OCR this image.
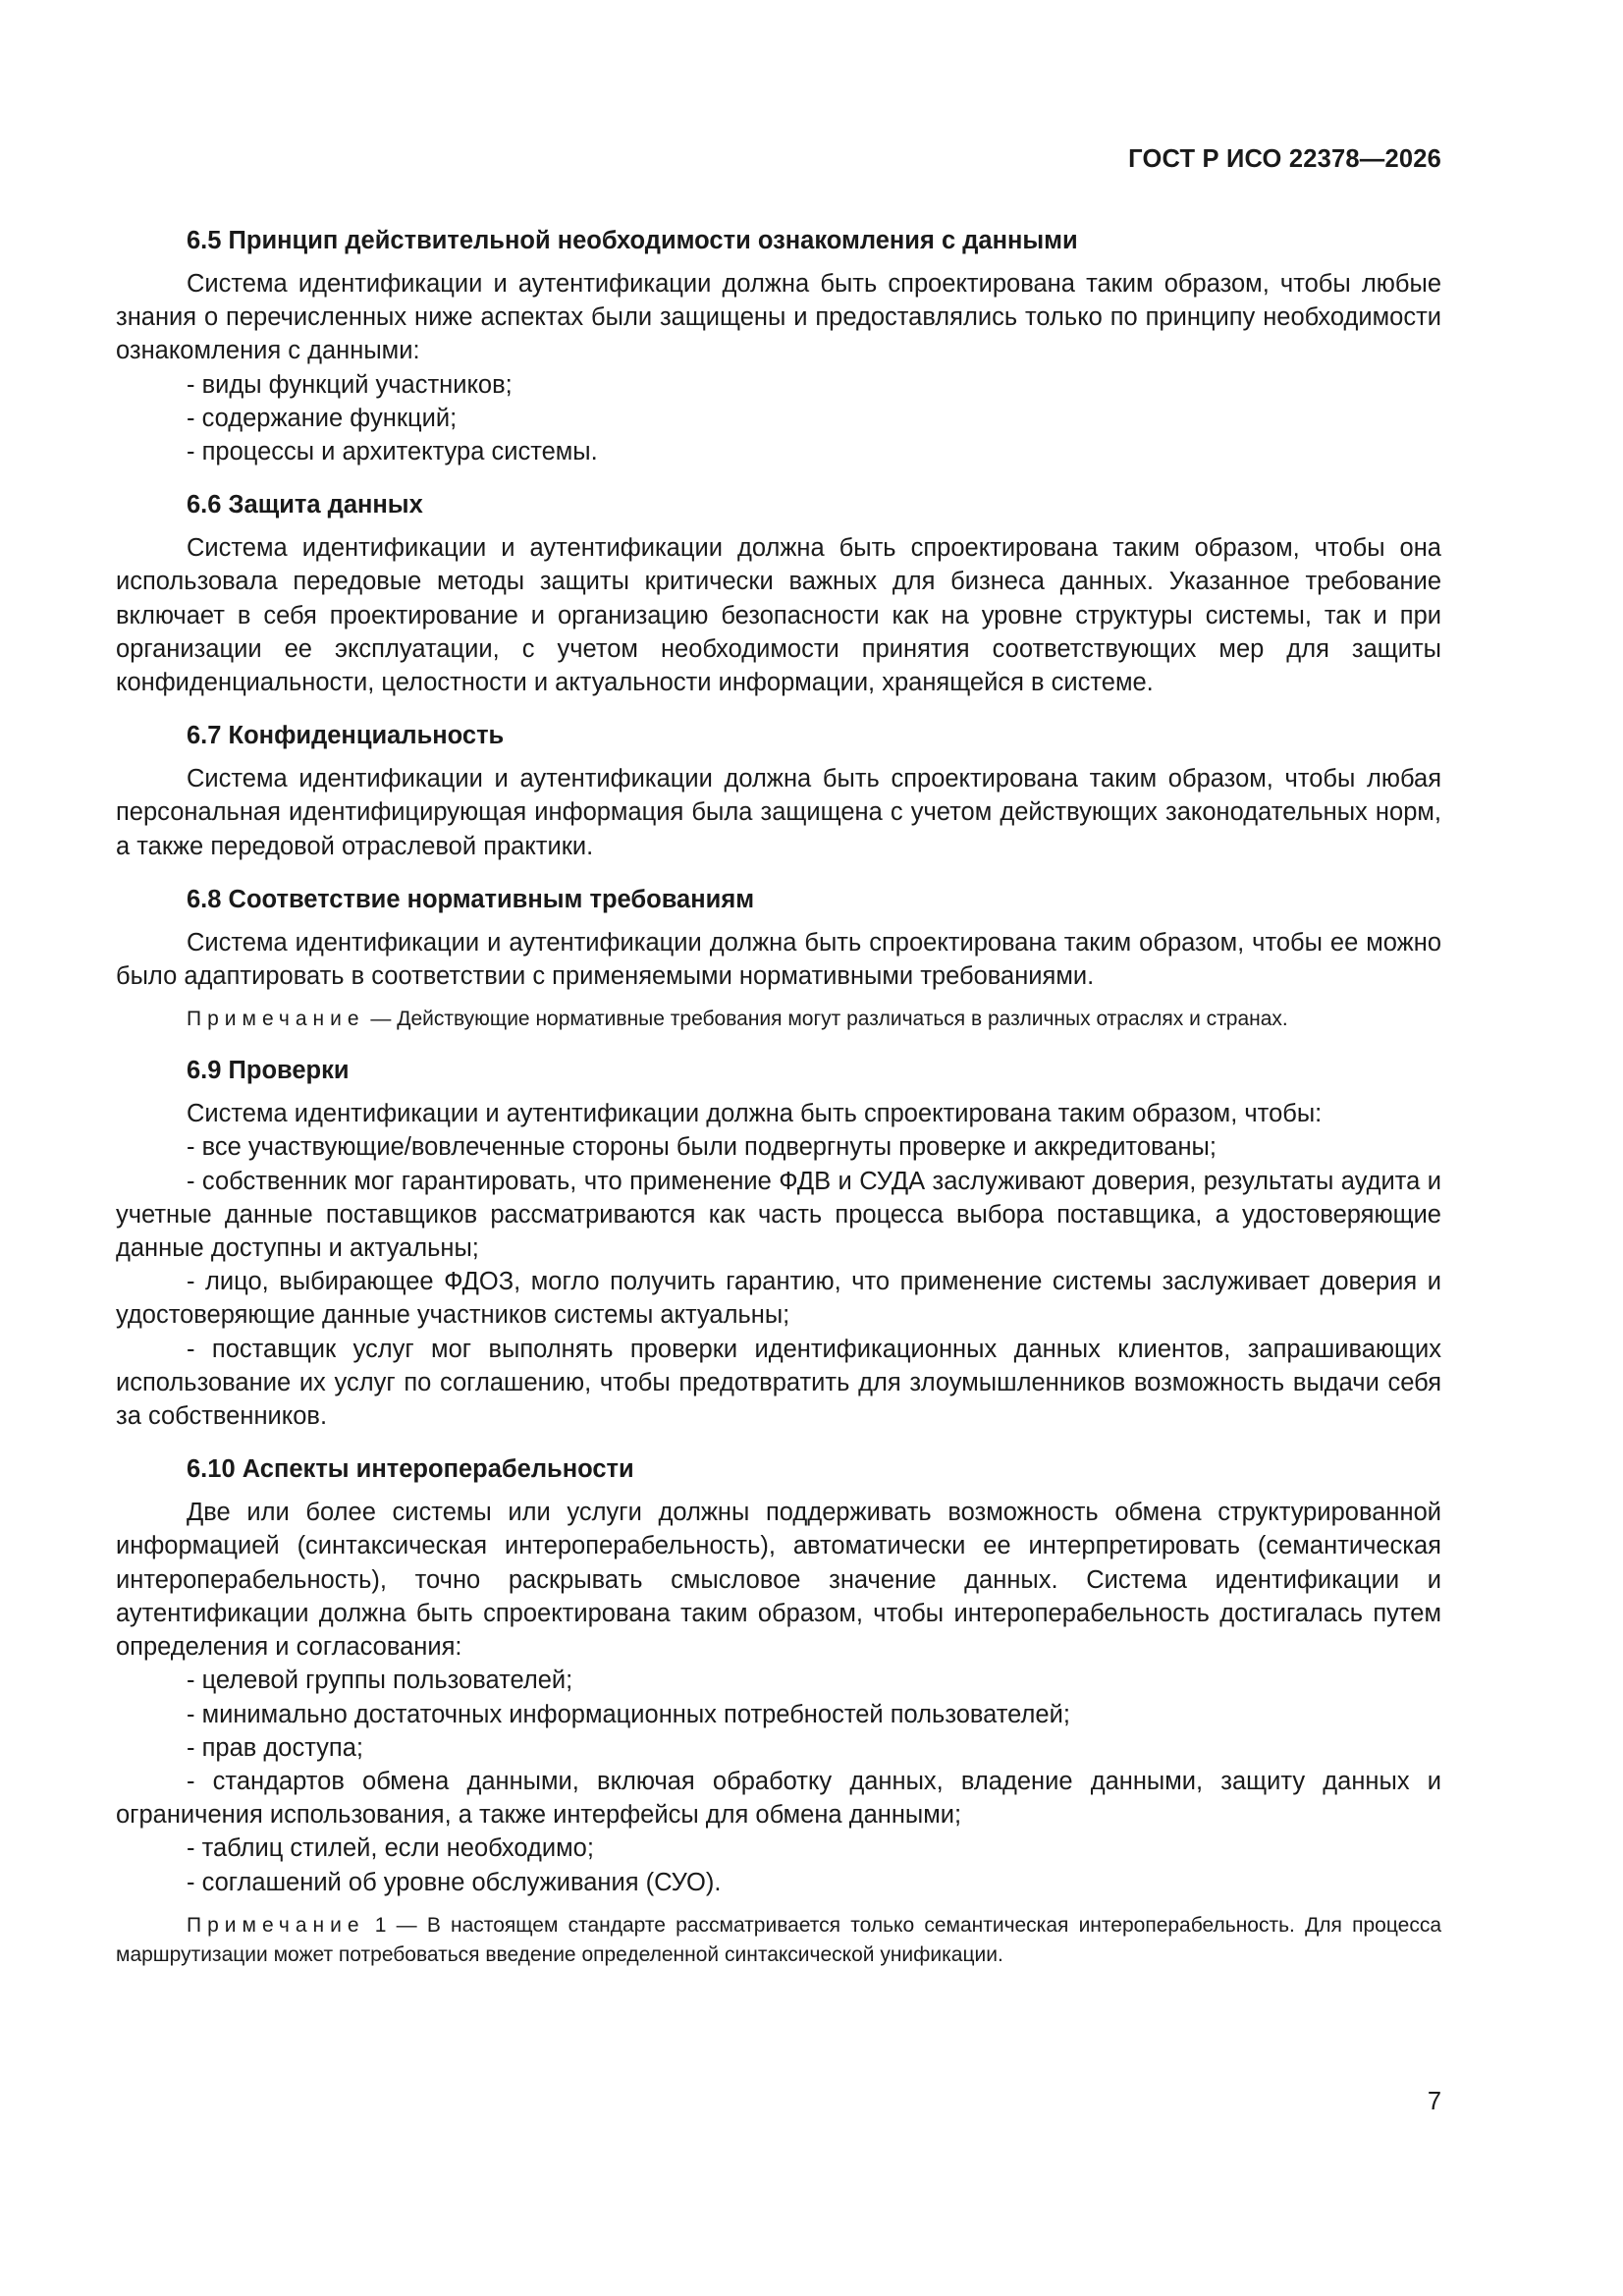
ГОСТ Р ИСО 22378—2026
6.5 Принцип действительной необходимости ознакомления с данными

Система идентификации и аутентификации должна быть спроектирована таким образом, чтобы любые знания о перечисленных ниже аспектах были защищены и предоставлялись только по принципу необходимости ознакомления с данными:

- виды функций участников;

- содержание функций;

- процессы и архитектура системы.

6.6 Защита данных

Система идентификации и аутентификации должна быть спроектирована таким образом, чтобы она использовала передовые методы защиты критически важных для бизнеса данных. Указанное требование включает в себя проектирование и организацию безопасности как на уровне структуры системы, так и при организации ее эксплуатации, с учетом необходимости принятия соответствующих мер для защиты конфиденциальности, целостности и актуальности информации, хранящейся в системе.

6.7 Конфиденциальность

Система идентификации и аутентификации должна быть спроектирована таким образом, чтобы любая персональная идентифицирующая информация была защищена с учетом действующих законодательных норм, а также передовой отраслевой практики.

6.8 Соответствие нормативным требованиям

Система идентификации и аутентификации должна быть спроектирована таким образом, чтобы ее можно было адаптировать в соответствии с применяемыми нормативными требованиями.

Примечание — Действующие нормативные требования могут различаться в различных отраслях и странах.

6.9 Проверки

Система идентификации и аутентификации должна быть спроектирована таким образом, чтобы:

- все участвующие/вовлеченные стороны были подвергнуты проверке и аккредитованы;

- собственник мог гарантировать, что применение ФДВ и СУДА заслуживают доверия, результаты аудита и учетные данные поставщиков рассматриваются как часть процесса выбора поставщика, а удостоверяющие данные доступны и актуальны;

- лицо, выбирающее ФДОЗ, могло получить гарантию, что применение системы заслуживает доверия и удостоверяющие данные участников системы актуальны;

- поставщик услуг мог выполнять проверки идентификационных данных клиентов, запрашивающих использование их услуг по соглашению, чтобы предотвратить для злоумышленников возможность выдачи себя за собственников.

6.10 Аспекты интероперабельности

Две или более системы или услуги должны поддерживать возможность обмена структурированной информацией (синтаксическая интероперабельность), автоматически ее интерпретировать (семантическая интероперабельность), точно раскрывать смысловое значение данных. Система идентификации и аутентификации должна быть спроектирована таким образом, чтобы интероперабельность достигалась путем определения и согласования:

- целевой группы пользователей;

- минимально достаточных информационных потребностей пользователей;

- прав доступа;

- стандартов обмена данными, включая обработку данных, владение данными, защиту данных и ограничения использования, а также интерфейсы для обмена данными;

- таблиц стилей, если необходимо;

- соглашений об уровне обслуживания (СУО).

Примечание 1 — В настоящем стандарте рассматривается только семантическая интероперабельность. Для процесса маршрутизации может потребоваться введение определенной синтаксической унификации.

7
